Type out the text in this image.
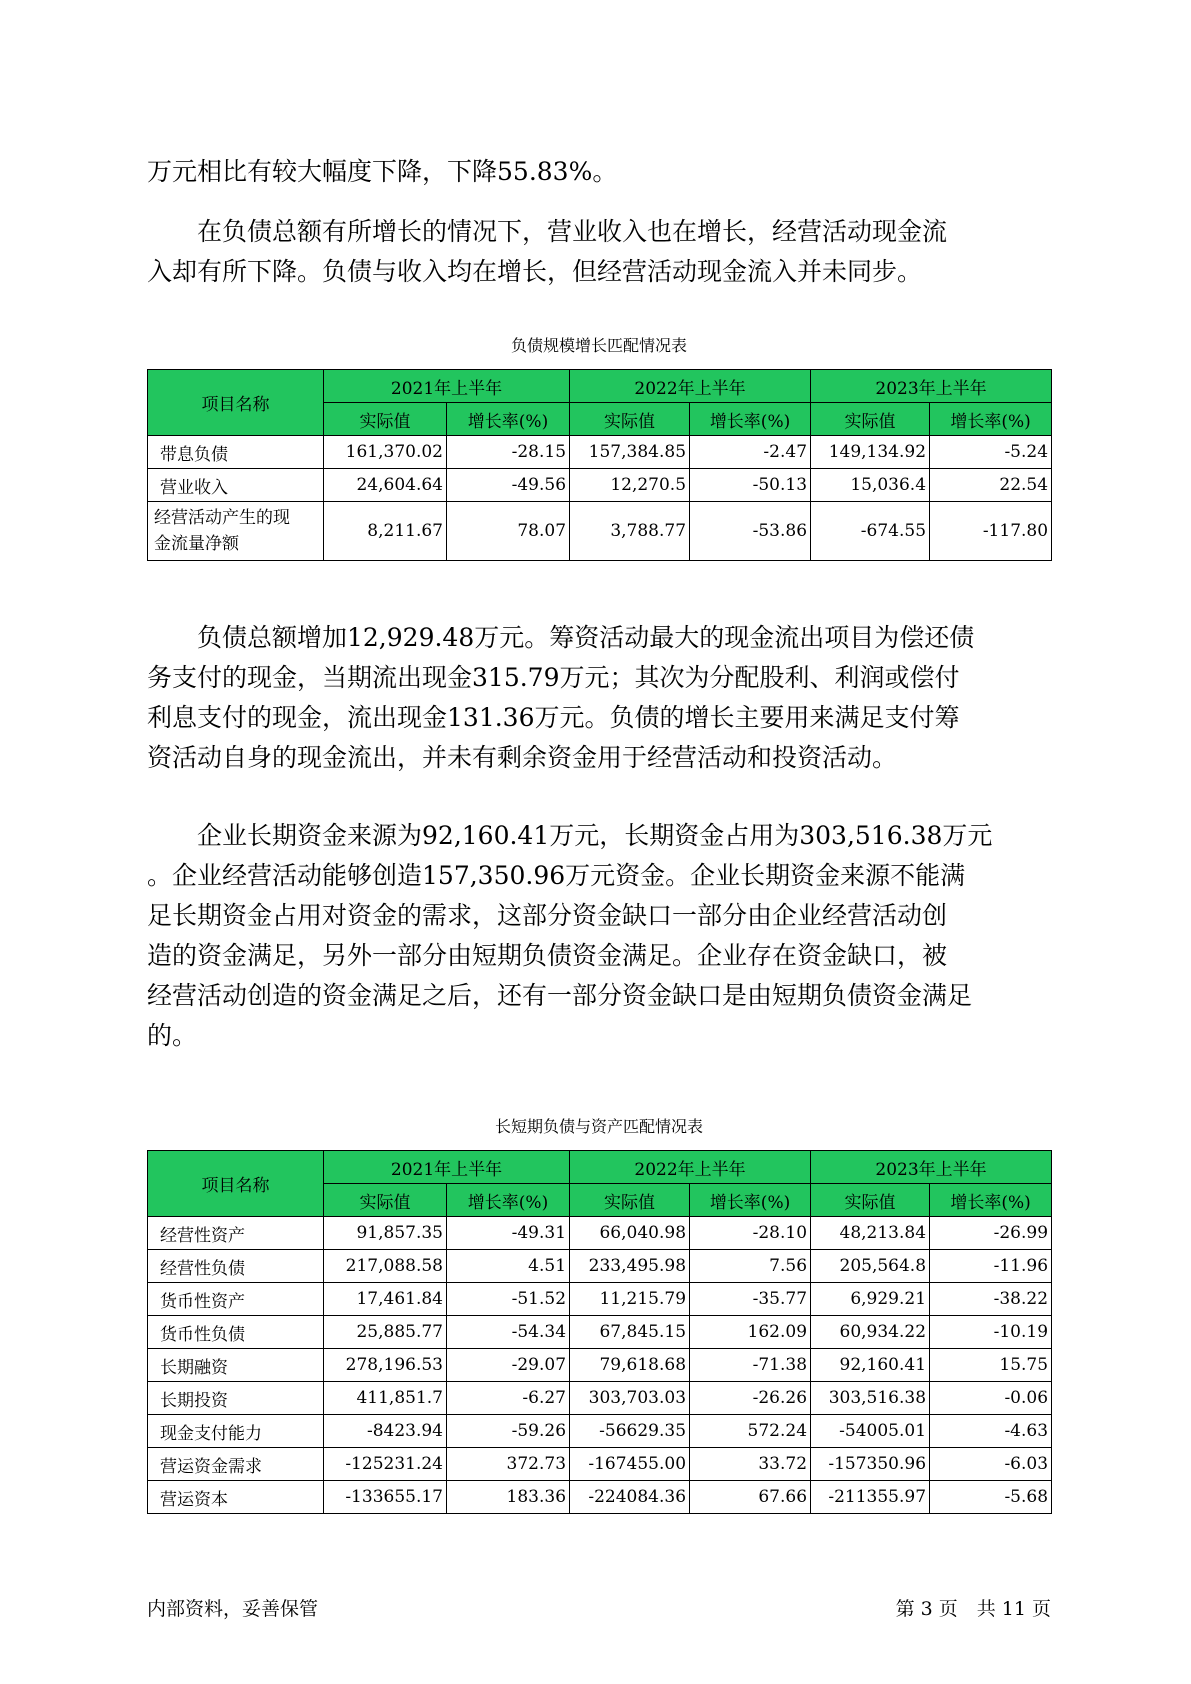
万元相比有较大幅度下降，下降55.83%。

　　在负债总额有所增长的情况下，营业收入也在增长，经营活动现金流
入却有所下降。负债与收入均在增长，但经营活动现金流入并未同步。

负债规模增长匹配情况表
项目名称	2021年上半年		2022年上半年		2023年上半年	
	实际值	增长率(%)	实际值	增长率(%)	实际值	增长率(%)
带息负债	161,370.02	-28.15	157,384.85	-2.47	149,134.92	-5.24
营业收入	24,604.64	-49.56	12,270.5	-50.13	15,036.4	22.54
经营活动产生的现
金流量净额	8,211.67	78.07	3,788.77	-53.86	-674.55	-117.80

　　负债总额增加12,929.48万元。筹资活动最大的现金流出项目为偿还债
务支付的现金，当期流出现金315.79万元；其次为分配股利、利润或偿付
利息支付的现金，流出现金131.36万元。负债的增长主要用来满足支付筹
资活动自身的现金流出，并未有剩余资金用于经营活动和投资活动。

　　企业长期资金来源为92,160.41万元，长期资金占用为303,516.38万元
。企业经营活动能够创造157,350.96万元资金。企业长期资金来源不能满
足长期资金占用对资金的需求，这部分资金缺口一部分由企业经营活动创
造的资金满足，另外一部分由短期负债资金满足。企业存在资金缺口，被
经营活动创造的资金满足之后，还有一部分资金缺口是由短期负债资金满足
的。

长短期负债与资产匹配情况表
项目名称	2021年上半年		2022年上半年		2023年上半年	
	实际值	增长率(%)	实际值	增长率(%)	实际值	增长率(%)
经营性资产	91,857.35	-49.31	66,040.98	-28.10	48,213.84	-26.99
经营性负债	217,088.58	4.51	233,495.98	7.56	205,564.8	-11.96
货币性资产	17,461.84	-51.52	11,215.79	-35.77	6,929.21	-38.22
货币性负债	25,885.77	-54.34	67,845.15	162.09	60,934.22	-10.19
长期融资	278,196.53	-29.07	79,618.68	-71.38	92,160.41	15.75
长期投资	411,851.7	-6.27	303,703.03	-26.26	303,516.38	-0.06
现金支付能力	-8423.94	-59.26	-56629.35	572.24	-54005.01	-4.63
营运资金需求	-125231.24	372.73	-167455.00	33.72	-157350.96	-6.03
营运资本	-133655.17	183.36	-224084.36	67.66	-211355.97	-5.68
内部资料，妥善保管	第 3 页　共 11 页
